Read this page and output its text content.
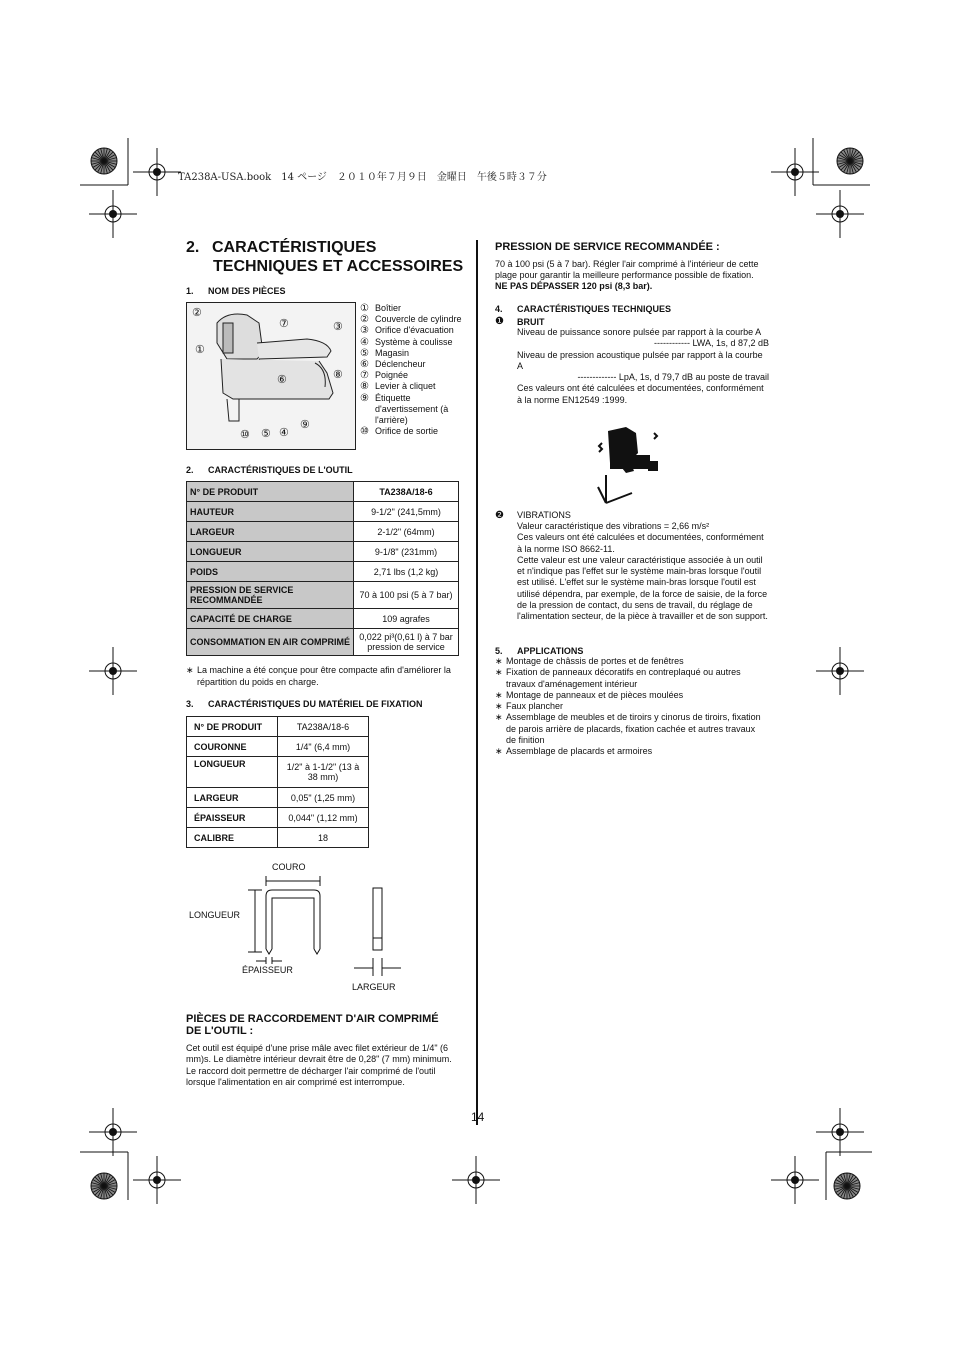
TA238A-USA.book　14 ページ　２０１０年７月９日　金曜日　午後５時３７分
2. CARACTÉRISTIQUES
TECHNIQUES ET ACCESSOIRES
1. NOM DES PIÈCES
②
⑦	③
①
⑧
⑥
⑨
⑩ ⑤ ④
① Boîtier
② Couvercle de cylindre
③ Orifice d'évacuation
④ Système à coulisse
⑤ Magasin
⑥ Déclencheur
⑦ Poignée
⑧ Levier à cliquet
⑨ Étiquette d'avertissement (à l'arrière)
⑩ Orifice de sortie
2. CARACTÉRISTIQUES DE L'OUTIL
N° DE PRODUIT	TA238A/18-6
HAUTEUR	9-1/2" (241,5mm)
LARGEUR	2-1/2" (64mm)
LONGUEUR	9-1/8" (231mm)
POIDS	2,71 lbs (1,2 kg)
PRESSION DE SERVICE RECOMMANDÉE	70 à 100 psi (5 à 7 bar)
CAPACITÉ DE CHARGE	109 agrafes
CONSOMMATION EN AIR COMPRIMÉ	0,022 pi³(0,61 l) à 7 bar pression de service
∗ La machine a été conçue pour être compacte afin d'améliorer la répartition du poids en charge.
3. CARACTÉRISTIQUES DU MATÉRIEL DE FIXATION
N° DE PRODUIT	TA238A/18-6
COURONNE	1/4" (6,4 mm)
LONGUEUR	1/2" à 1-1/2" (13 à 38 mm)
LARGEUR	0,05" (1,25 mm)
ÉPAISSEUR	0,044" (1,12 mm)
CALIBRE	18
COURO
LONGUEUR
ÉPAISSEUR
LARGEUR
PIÈCES DE RACCORDEMENT D'AIR COMPRIMÉ DE L'OUTIL :
Cet outil est équipé d'une prise mâle avec filet extérieur de 1/4" (6 mm)s. Le diamètre intérieur devrait être de 0,28" (7 mm) minimum. Le raccord doit permettre de décharger l'air comprimé de l'outil lorsque l'alimentation en air comprimé est interrompue.
14
PRESSION DE SERVICE RECOMMANDÉE :
70 à 100 psi (5 à 7 bar). Régler l'air comprimé à l'intérieur de cette plage pour garantir la meilleure performance possible de fixation.
NE PAS DÉPASSER 120 psi (8,3 bar).
4. CARACTÉRISTIQUES TECHNIQUES
❶ BRUIT
Niveau de puissance sonore pulsée par rapport à la courbe A
------------ LWA, 1s, d 87,2 dB
Niveau de pression acoustique pulsée par rapport à la courbe A
------------- LpA, 1s, d 79,7 dB au poste de travail
Ces valeurs ont été calculées et documentées, conformément à la norme EN12549 :1999.
❷ VIBRATIONS
Valeur caractéristique des vibrations = 2,66 m/s²
Ces valeurs ont été calculées et documentées, conformément à la norme ISO 8662-11.
Cette valeur est une valeur caractéristique associée à un outil et n'indique pas l'effet sur le système main-bras lorsque l'outil est utilisé. L'effet sur le système main-bras lorsque l'outil est utilisé dépendra, par exemple, de la force de saisie, de la force de la pression de contact, du sens de travail, du réglage de l'alimentation secteur, de la pièce à travailler et de son support.
5. APPLICATIONS
∗ Montage de châssis de portes et de fenêtres
∗ Fixation de panneaux décoratifs en contreplaqué ou autres travaux d'aménagement intérieur
∗ Montage de panneaux et de pièces moulées
∗ Faux plancher
∗ Assemblage de meubles et de tiroirs y cinorus de tiroirs, fixation de parois arrière de placards, fixation cachée et autres travaux de finition
∗ Assemblage de placards et armoires
